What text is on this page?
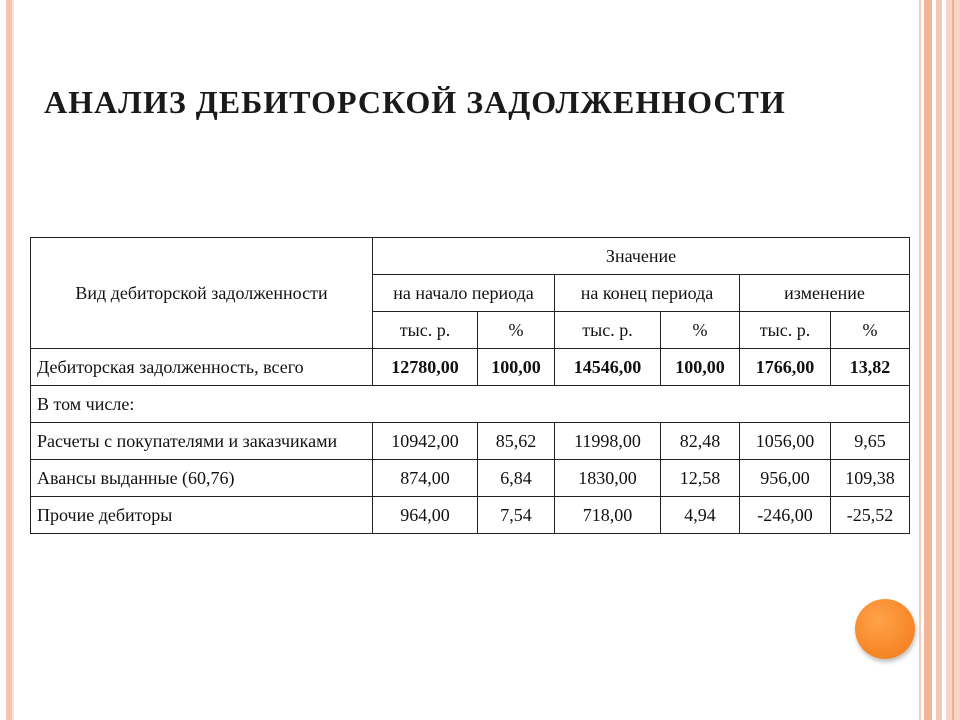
АНАЛИЗ ДЕБИТОРСКОЙ ЗАДОЛЖЕННОСТИ
Вид дебиторской задолженности	Значение					
	на начало периода		на конец периода		изменение	
	тыс. р.	%	тыс. р.	%	тыс. р.	%
Дебиторская задолженность, всего	12780,00	100,00	14546,00	100,00	1766,00	13,82
В том числе:						
Расчеты с покупателями и заказчиками	10942,00	85,62	11998,00	82,48	1056,00	9,65
Авансы выданные (60,76)	874,00	6,84	1830,00	12,58	956,00	109,38
Прочие дебиторы	964,00	7,54	718,00	4,94	-246,00	-25,52
